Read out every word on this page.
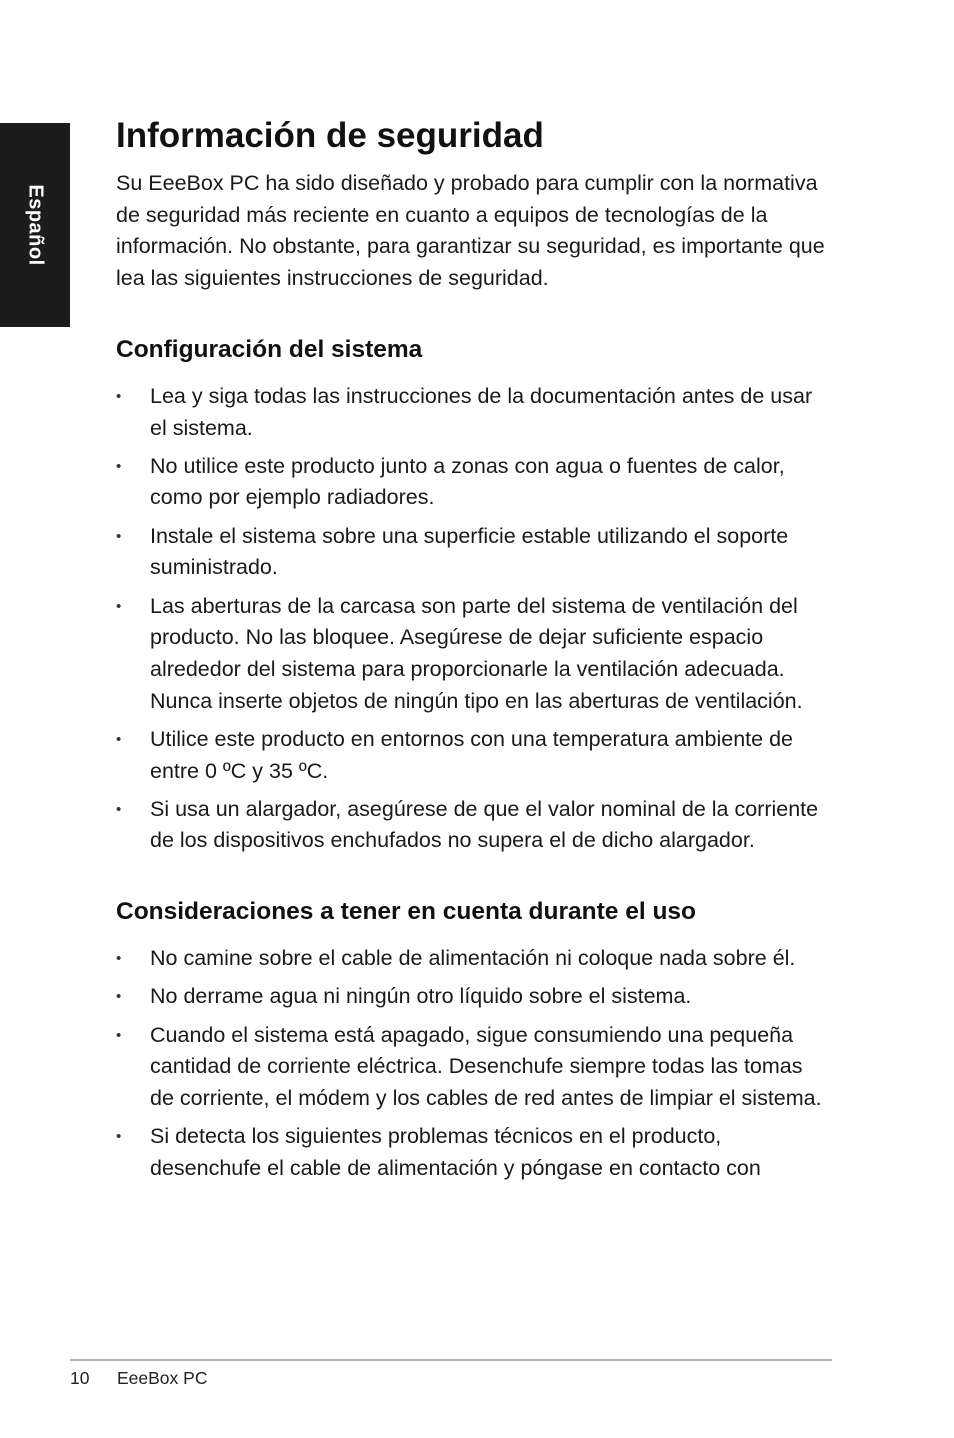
Español
Información de seguridad

Su EeeBox PC ha sido diseñado y probado para cumplir con la normativa de seguridad más reciente en cuanto a equipos de tecnologías de la información. No obstante, para garantizar su seguridad, es importante que lea las siguientes instrucciones de seguridad.

Configuración del sistema
• Lea y siga todas las instrucciones de la documentación antes de usar el sistema.
• No utilice este producto junto a zonas con agua o fuentes de calor, como por ejemplo radiadores.
• Instale el sistema sobre una superficie estable utilizando el soporte suministrado.
• Las aberturas de la carcasa son parte del sistema de ventilación del producto. No las bloquee. Asegúrese de dejar suficiente espacio alrededor del sistema para proporcionarle la ventilación adecuada. Nunca inserte objetos de ningún tipo en las aberturas de ventilación.
• Utilice este producto en entornos con una temperatura ambiente de entre 0 ºC y 35 ºC.
• Si usa un alargador, asegúrese de que el valor nominal de la corriente de los dispositivos enchufados no supera el de dicho alargador.
Consideraciones a tener en cuenta durante el uso
• No camine sobre el cable de alimentación ni coloque nada sobre él.
• No derrame agua ni ningún otro líquido sobre el sistema.
• Cuando el sistema está apagado, sigue consumiendo una pequeña cantidad de corriente eléctrica. Desenchufe siempre todas las tomas de corriente, el módem y los cables de red antes de limpiar el sistema.
• Si detecta los siguientes problemas técnicos en el producto, desenchufe el cable de alimentación y póngase en contacto con
10 EeeBox PC
